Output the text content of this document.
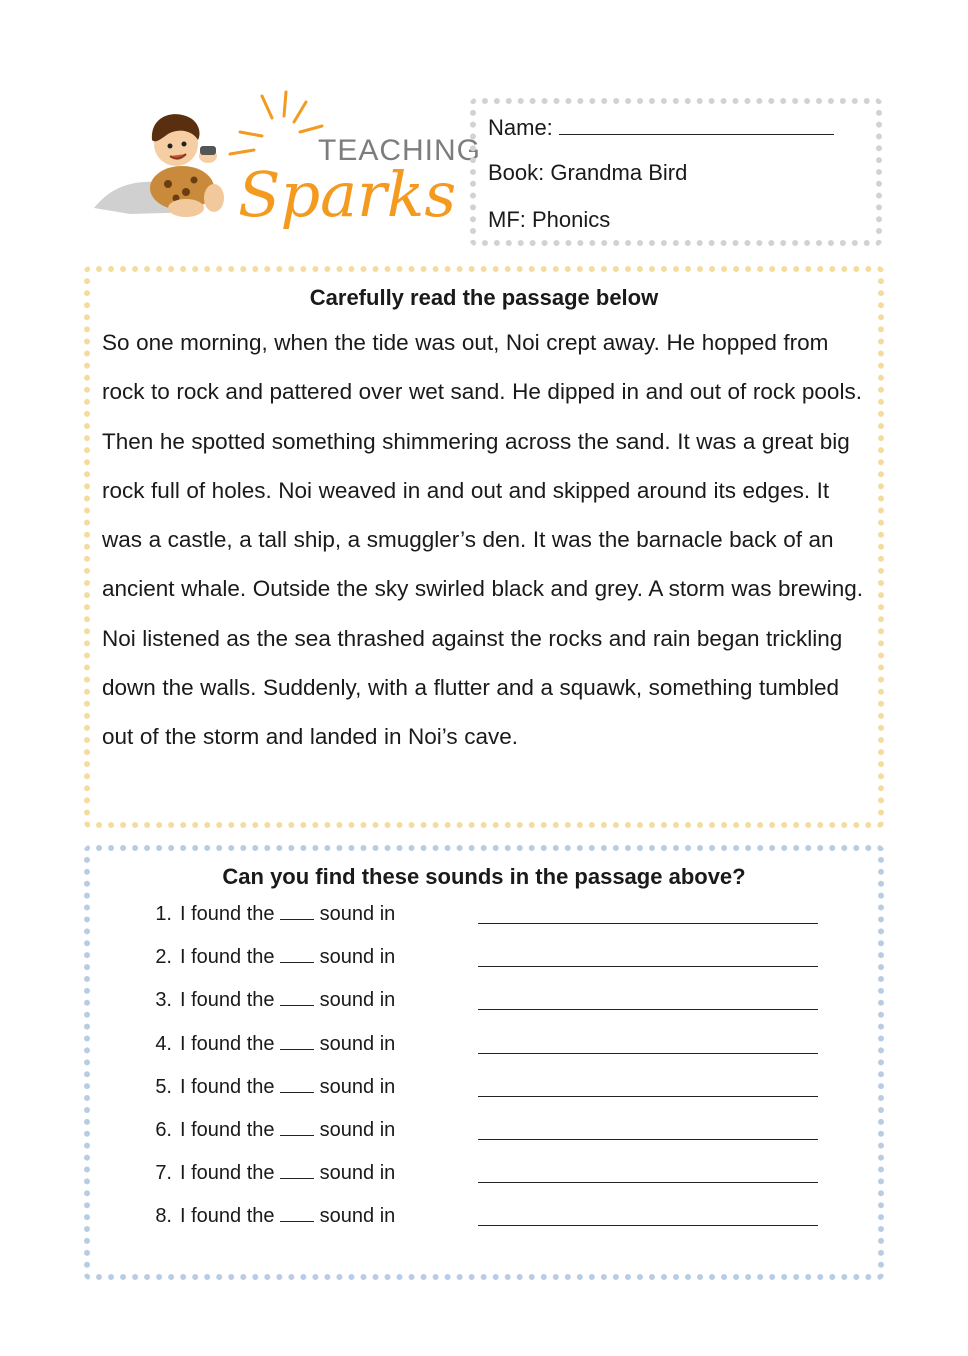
TEACHING
Sparks
Name:
Book: Grandma Bird
MF: Phonics

Carefully read the passage below

So one morning, when the tide was out, Noi crept away. He hopped from rock to rock and pattered over wet sand. He dipped in and out of rock pools. Then he spotted something shimmering across the sand. It was a great big rock full of holes. Noi weaved in and out and skipped around its edges. It was a castle, a tall ship, a smuggler’s den. It was the barnacle back of an ancient whale. Outside the sky swirled black and grey. A storm was brewing. Noi listened as the sea thrashed against the rocks and rain began trickling down the walls. Suddenly, with a flutter and a squawk, something tumbled out of the storm and landed in Noi’s cave.

Can you find these sounds in the passage above?

1. I found the sound in
2. I found the sound in
3. I found the sound in
4. I found the sound in
5. I found the sound in
6. I found the sound in
7. I found the sound in
8. I found the sound in
